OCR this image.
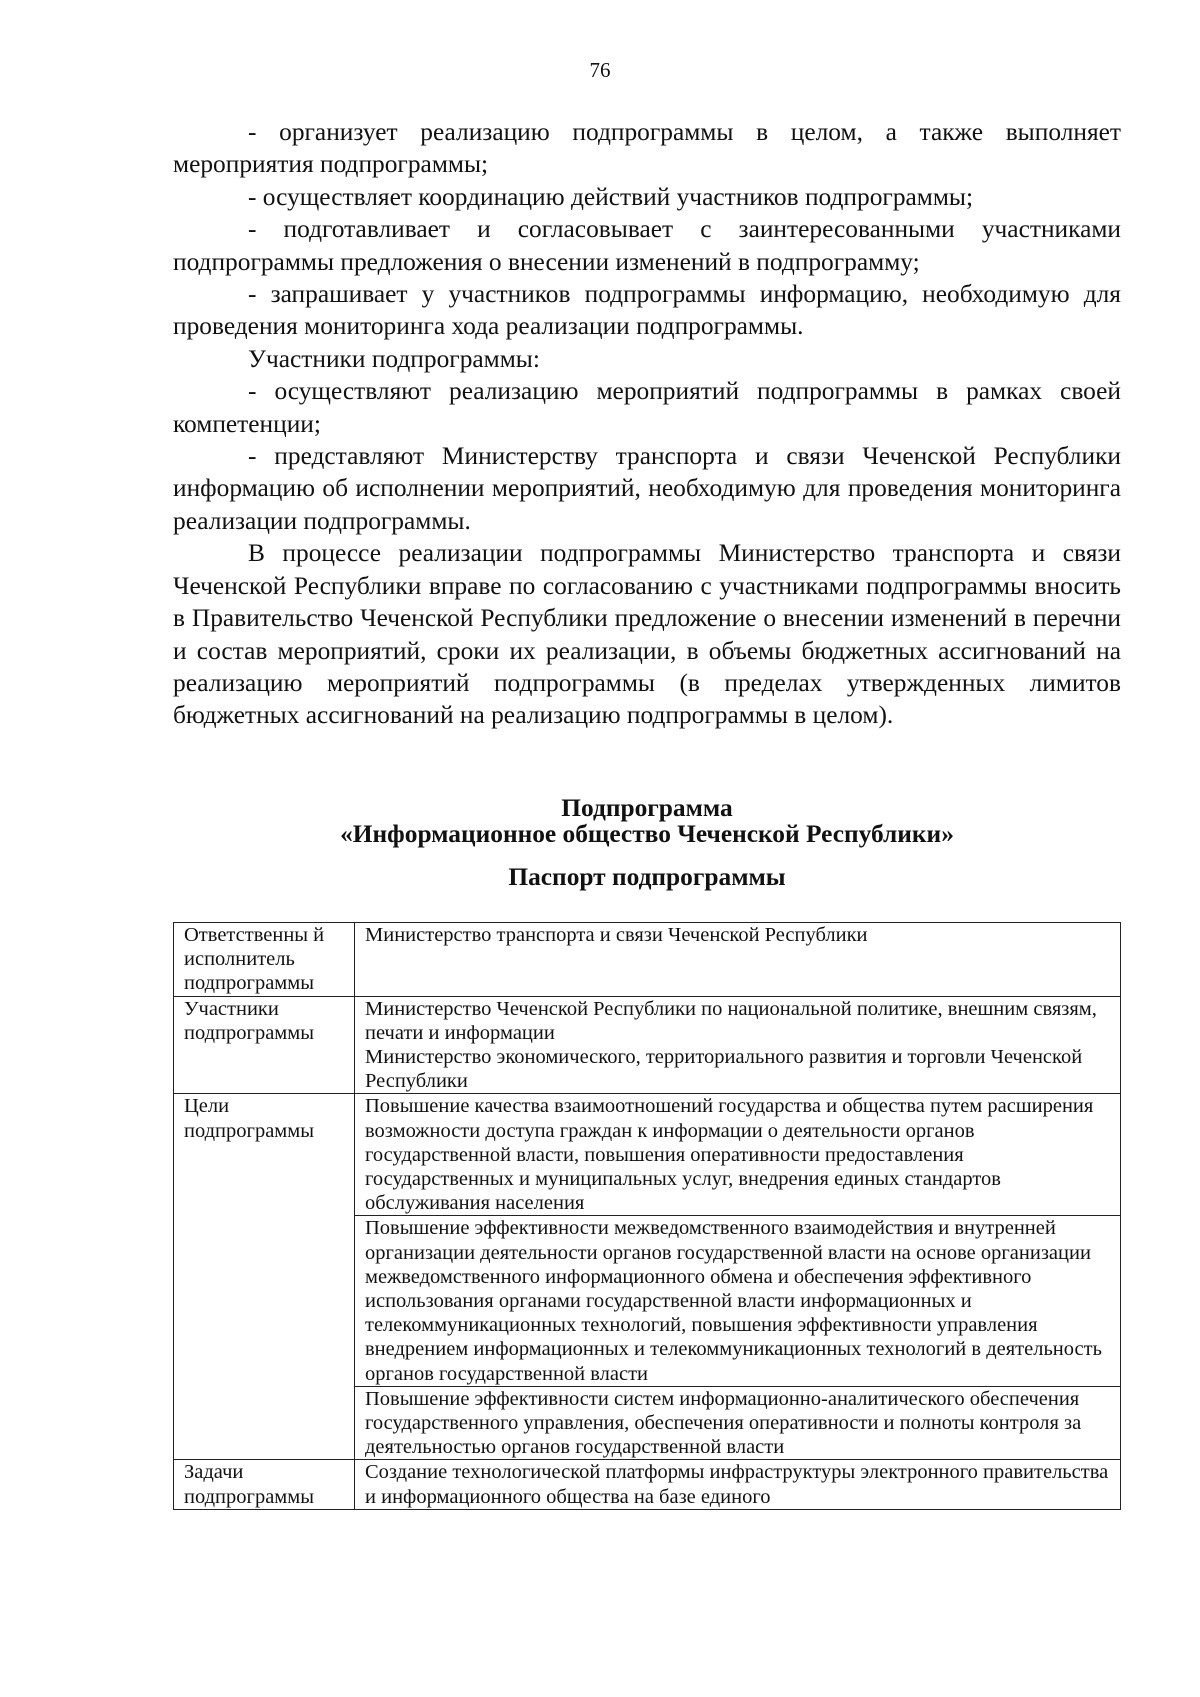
76

- организует реализацию подпрограммы в целом, а также выполняет мероприятия подпрограммы;

- осуществляет координацию действий участников подпрограммы;

- подготавливает и согласовывает с заинтересованными участниками подпрограммы предложения о внесении изменений в подпрограмму;

- запрашивает у участников подпрограммы информацию, необходимую для проведения мониторинга хода реализации подпрограммы.

Участники подпрограммы:

- осуществляют реализацию мероприятий подпрограммы в рамках своей компетенции;

- представляют Министерству транспорта и связи Чеченской Республики информацию об исполнении мероприятий, необходимую для проведения мониторинга реализации подпрограммы.

В процессе реализации подпрограммы Министерство транспорта и связи Чеченской Республики вправе по согласованию с участниками подпрограммы вносить в Правительство Чеченской Республики предложение о внесении изменений в перечни и состав мероприятий, сроки их реализации, в объемы бюджетных ассигнований на реализацию мероприятий подпрограммы (в пределах утвержденных лимитов бюджетных ассигнований на реализацию подпрограммы в целом).

Подпрограмма
«Информационное общество Чеченской Республики»
Паспорт подпрограммы
Ответственны й исполнитель подпрограммы	Министерство транспорта и связи Чеченской Республики
Участники подпрограммы	Министерство Чеченской Республики по национальной политике, внешним связям, печати и информации
Министерство экономического, территориального развития и торговли Чеченской Республики

Цели подпрограммы	Повышение качества взаимоотношений государства и общества путем расширения возможности доступа граждан к информации о деятельности органов государственной власти, повышения оперативности предоставления государственных и муниципальных услуг, внедрения единых стандартов обслуживания населения
	Повышение эффективности межведомственного взаимодействия и внутренней организации деятельности органов государственной власти на основе организации межведомственного информационного обмена и обеспечения эффективного использования органами государственной власти информационных и телекоммуникационных технологий, повышения эффективности управления внедрением информационных и телекоммуникационных технологий в деятельность органов государственной власти
	Повышение эффективности систем информационно-аналитического обеспечения государственного управления, обеспечения оперативности и полноты контроля за деятельностью органов государственной власти
Задачи подпрограммы	Создание технологической платформы инфраструктуры электронного правительства и информационного общества на базе единого
